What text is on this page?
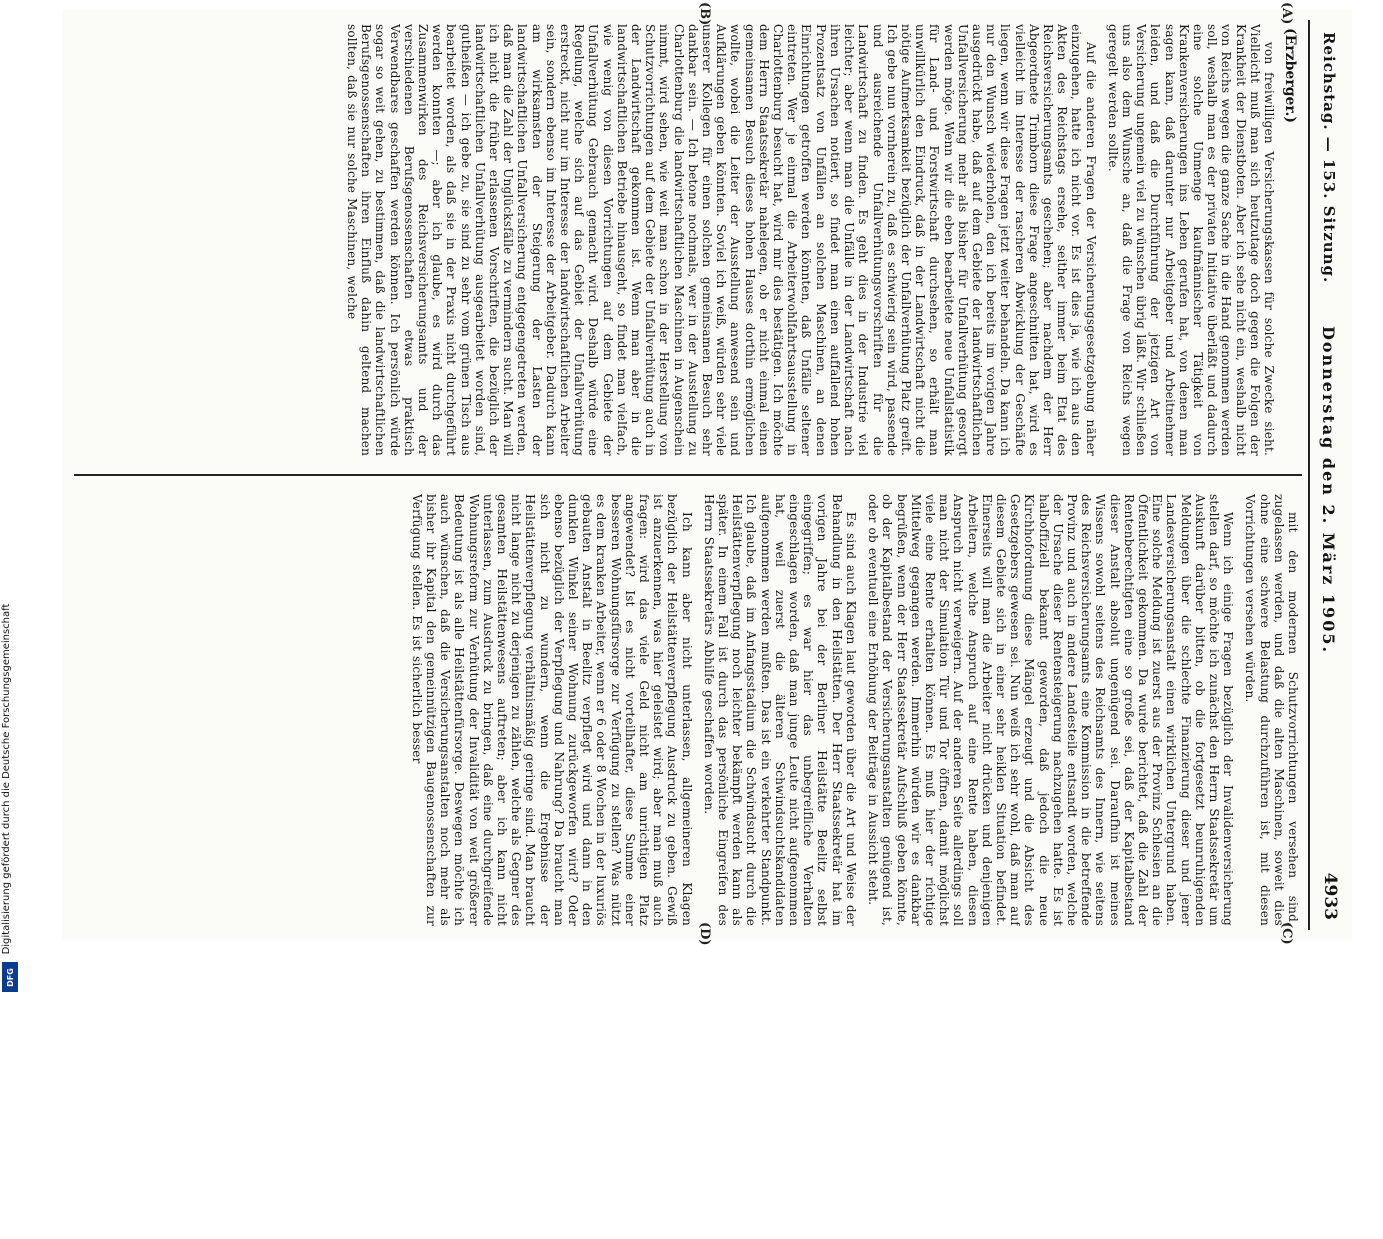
DFG
Digitalisierung gefördert durch die Deutsche Forschungsgemeinschaft
Reichstag. — 153. Sitzung.
Donnerstag den 2. März 1905.
4933
(A)
(B)
(C)
(D)
(Erzberger.)

von freiwilligen Versicherungskassen für solche Zwecke sieht. Vielleicht muß man sich heutzutage doch gegen die Folgen der Krankheit der Dienstboten. Aber ich sehe nicht ein, weshalb nicht von Reichs wegen die ganze Sache in die Hand genommen werden soll, weshalb man es der privaten Initiative überläßt und dadurch eine solche Unmenge kaufmännischer Tätigkeit von Krankenversicherungen ins Leben gerufen hat, von denen man sagen kann, daß darunter nur Arbeitgeber und Arbeitnehmer leiden, und daß die Durchführung der jetzigen Art von Versicherung ungemein viel zu wünschen übrig läßt. Wir schließen uns also dem Wunsche an, daß die Frage von Reichs wegen geregelt werden sollte.

Auf die anderen Fragen der Versicherungsgesetzgebung näher einzugehen, hatte ich nicht vor. Es ist dies ja, wie ich aus den Akten des Reichstags ersehe, seither immer beim Etat des Reichsversicherungsamts geschehen; aber nachdem der Herr Abgeordnete Trimborn diese Frage angeschnitten hat, wird es vielleicht im Interesse der rascheren Abwicklung der Geschäfte liegen, wenn wir diese Fragen jetzt weiter behandeln. Da kann ich nur den Wunsch wiederholen, den ich bereits im vorigen Jahre ausgedrückt habe, daß auf dem Gebiete der landwirtschaftlichen Unfallversicherung mehr als bisher für Unfallverhütung gesorgt werden möge. Wenn wir die eben bearbeitete neue Unfallstatistik für Land- und Forstwirtschaft durchsehen, so erhält man unwillkürlich den Eindruck, daß in der Landwirtschaft nicht die nötige Aufmerksamkeit bezüglich der Unfallverhütung Platz greift. Ich gebe nun vornherein zu, daß es schwierig sein wird, passende und ausreichende Unfallverhütungsvorschriften für die Landwirtschaft zu finden. Es geht dies in der Industrie viel leichter; aber wenn man die Unfälle in der Landwirtschaft nach ihren Ursachen notiert, so findet man einen auffallend hohen Prozentsatz von Unfällen an solchen Maschinen, an denen Einrichtungen getroffen werden könnten, daß Unfälle seltener eintreten. Wer je einmal die Arbeiterwohlfahrtsausstellung in Charlottenburg besucht hat, wird mir dies bestätigen. Ich möchte dem Herrn Staatssekretär nahelegen, ob er nicht einmal einen gemeinsamen Besuch dieses hohen Hauses dorthin ermöglichen wollte, wobei die Leiter der Ausstellung anwesend sein und Aufklärungen geben könnten. Soviel ich weiß, würden sehr viele unserer Kollegen für einen solchen gemeinsamen Besuch sehr dankbar sein. — Ich betone nochmals, wer in der Ausstellung zu Charlottenburg die landwirtschaftlichen Maschinen in Augenschein nimmt, wird sehen, wie weit man schon in der Herstellung von Schutzvorrichtungen auf dem Gebiete der Unfallverhütung auch in der Landwirtschaft gekommen ist. Wenn man aber in die landwirtschaftlichen Betriebe hinausgeht, so findet man vielfach, wie wenig von diesen Vorrichtungen auf dem Gebiete der Unfallverhütung Gebrauch gemacht wird. Deshalb würde eine Regelung, welche sich auf das Gebiet der Unfallverhütung erstreckt, nicht nur im Interesse der landwirtschaftlichen Arbeiter sein, sondern ebenso im Interesse der Arbeitgeber. Dadurch kann am wirksamsten der Steigerung der Lasten der landwirtschaftlichen Unfallversicherung entgegengetreten werden, daß man die Zahl der Unglücksfälle zu vermindern sucht. Man will ich nicht die früher erlassenen Vorschriften, die bezüglich der landwirtschaftlichen Unfallverhütung ausgearbeitet worden sind, gutheißen — ich gebe zu, sie sind zu sehr vom grünen Tisch aus bearbeitet worden, als daß sie in der Praxis nicht durchgeführt werden konnten —; aber ich glaube, es wird durch das Zusammenwirken des Reichsversicherungsamts und der verschiedenen Berufsgenossenschaften etwas praktisch Verwendbares geschaffen werden können. Ich persönlich würde sogar so weit gehen, zu bestimmen, daß die landwirtschaftlichen Berufsgenossenschaften ihren Einfluß dahin geltend machen sollten, daß sie nur solche Maschinen, welche

mit den modernen Schutzvorrichtungen versehen sind, zugelassen werden, und daß die alten Maschinen, soweit dies ohne eine schwere Belastung durchzuführen ist, mit diesen Vorrichtungen versehen würden.

Wenn ich einige Fragen bezüglich der Invalidenversicherung stellen darf, so möchte ich zunächst den Herrn Staatssekretär um Auskunft darüber bitten, ob die fortgesetzt beunruhigenden Meldungen über die schlechte Finanzierung dieser und jener Landesversicherungsanstalt einen wirklichen Untergrund haben. Eine solche Meldung ist zuerst aus der Provinz Schlesien an die Öffentlichkeit gekommen. Da wurde berichtet, daß die Zahl der Rentenberechtigten eine so große sei, daß der Kapitalbestand dieser Anstalt absolut ungenügend sei. Daraufhin ist meines Wissens sowohl seitens des Reichsamts des Innern, wie seitens des Reichsversicherungsamts eine Kommission in die betreffende Provinz und auch in andere Landesteile entsandt worden, welche der Ursache dieser Rentensteigerung nachzugehen hatte. Es ist halboffiziell bekannt geworden, daß jedoch die neue Kirchhofordnung diese Mängel erzeugt und die Absicht des Gesetzgebers gewesen sei. Nun weiß ich sehr wohl, daß man auf diesem Gebiete sich in einer sehr heiklen Situation befindet. Einerseits will man die Arbeiter nicht drücken und denjenigen Arbeitern, welche Anspruch auf eine Rente haben, diesen Anspruch nicht verweigern. Auf der anderen Seite allerdings soll man nicht der Simulation Tür und Tor öffnen, damit möglichst viele eine Rente erhalten können. Es muß hier der richtige Mittelweg gegangen werden. Immerhin würden wir es dankbar begrüßen, wenn der Herr Staatssekretär Aufschluß geben könnte, ob der Kapitalbestand der Versicherungsanstalten genügend ist, oder ob eventuell eine Erhöhung der Beiträge in Aussicht steht.

Es sind auch Klagen laut geworden über die Art und Weise der Behandlung in den Heilstätten. Der Herr Staatssekretär hat im vorigen Jahre bei der Berliner Heilstätte Beelitz selbst eingegriffen; es war hier das unbegreifliche Verhalten eingeschlagen worden, daß man junge Leute nicht aufgenommen hat, weil zuerst die älteren Schwindsuchtskandidaten aufgenommen werden mußten. Das ist ein verkehrter Standpunkt. Ich glaube, daß im Anfangsstadium die Schwindsucht durch die Heilstättenverpflegung noch leichter bekämpft werden kann als später. In einem Fall ist durch das persönliche Eingreifen des Herrn Staatssekretärs Abhilfe geschaffen worden.

Ich kann aber nicht unterlassen, allgemeineren Klagen bezüglich der Heilstättenverpflegung Ausdruck zu geben. Gewiß ist anzuerkennen, was hier geleistet wird; aber man muß auch fragen: wird das viele Geld nicht am unrichtigen Platz angewendet? Ist es nicht vorteilhafter, diese Summe einer besseren Wohnungsfürsorge zur Verfügung zu stellen? Was nützt es dem kranken Arbeiter, wenn er 6 oder 8 Wochen in der luxuriös gebauten Anstalt in Beelitz verpflegt wird und dann in den dunklen Winkel seiner Wohnung zurückgeworfen wird? Oder ebenso bezüglich der Verpflegung und Nahrung? Da braucht man sich nicht zu wundern, wenn die Ergebnisse der Heilstättenverpflegung verhältnismäßig geringe sind. Man braucht nicht lange nicht zu derjenigen zu zählen, welche als Gegner des gesamten Heilstättenwesens auftreten; aber ich kann nicht unterlassen, zum Ausdruck zu bringen, daß eine durchgreifende Wohnungsreform zur Verhütung der Invalidität von weit größerer Bedeutung ist als alle Heilstättenfürsorge. Deswegen möchte ich auch wünschen, daß die Versicherungsanstalten noch mehr als bisher ihr Kapital den gemeinnützigen Baugenossenschaften zur Verfügung stellen. Es ist sicherlich besser
